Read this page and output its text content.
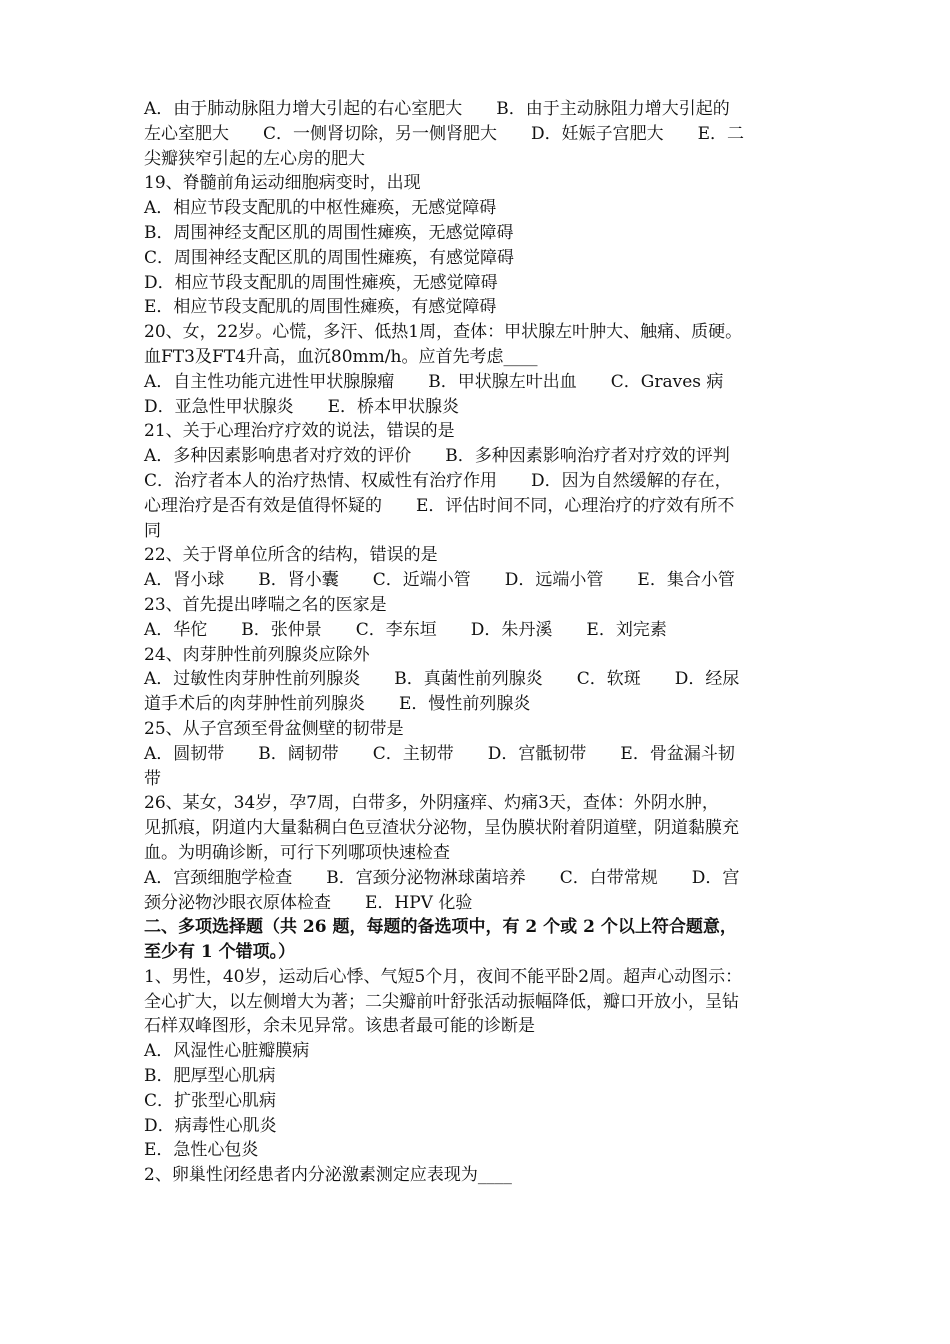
A．由于肺动脉阻力增大引起的右心室肥大　　B．由于主动脉阻力增大引起的
左心室肥大　　C．一侧肾切除，另一侧肾肥大　　D．妊娠子宫肥大　　E．二
尖瓣狭窄引起的左心房的肥大
19、脊髓前角运动细胞病变时，出现
A．相应节段支配肌的中枢性瘫痪，无感觉障碍
B．周围神经支配区肌的周围性瘫痪，无感觉障碍
C．周围神经支配区肌的周围性瘫痪，有感觉障碍
D．相应节段支配肌的周围性瘫痪，无感觉障碍
E．相应节段支配肌的周围性瘫痪，有感觉障碍
20、女，22岁。心慌，多汗、低热1周，查体：甲状腺左叶肿大、触痛、质硬。
血FT3及FT4升高，血沉80mm/h。应首先考虑____
A．自主性功能亢进性甲状腺腺瘤　　B．甲状腺左叶出血　　C．Graves 病
D．亚急性甲状腺炎　　E．桥本甲状腺炎
21、关于心理治疗疗效的说法，错误的是
A．多种因素影响患者对疗效的评价　　B．多种因素影响治疗者对疗效的评判
C．治疗者本人的治疗热情、权威性有治疗作用　　D．因为自然缓解的存在，
心理治疗是否有效是值得怀疑的　　E．评估时间不同，心理治疗的疗效有所不
同
22、关于肾单位所含的结构，错误的是
A．肾小球　　B．肾小囊　　C．近端小管　　D．远端小管　　E．集合小管
23、首先提出哮喘之名的医家是
A．华佗　　B．张仲景　　C．李东垣　　D．朱丹溪　　E．刘完素
24、肉芽肿性前列腺炎应除外
A．过敏性肉芽肿性前列腺炎　　B．真菌性前列腺炎　　C．软斑　　D．经尿
道手术后的肉芽肿性前列腺炎　　E．慢性前列腺炎
25、从子宫颈至骨盆侧壁的韧带是
A．圆韧带　　B．阔韧带　　C．主韧带　　D．宫骶韧带　　E．骨盆漏斗韧
带
26、某女，34岁，孕7周，白带多，外阴瘙痒、灼痛3天，查体：外阴水肿，
见抓痕，阴道内大量黏稠白色豆渣状分泌物，呈伪膜状附着阴道壁，阴道黏膜充
血。为明确诊断，可行下列哪项快速检查
A．宫颈细胞学检查　　B．宫颈分泌物淋球菌培养　　C．白带常规　　D．宫
颈分泌物沙眼衣原体检查　　E．HPV 化验
二、多项选择题（共 26 题，每题的备选项中，有 2 个或 2 个以上符合题意，
至少有 1 个错项。）
1、男性，40岁，运动后心悸、气短5个月，夜间不能平卧2周。超声心动图示：
全心扩大，以左侧增大为著；二尖瓣前叶舒张活动振幅降低，瓣口开放小，呈钻
石样双峰图形，余未见异常。该患者最可能的诊断是
A．风湿性心脏瓣膜病
B．肥厚型心肌病
C．扩张型心肌病
D．病毒性心肌炎
E．急性心包炎
2、卵巢性闭经患者内分泌激素测定应表现为____
